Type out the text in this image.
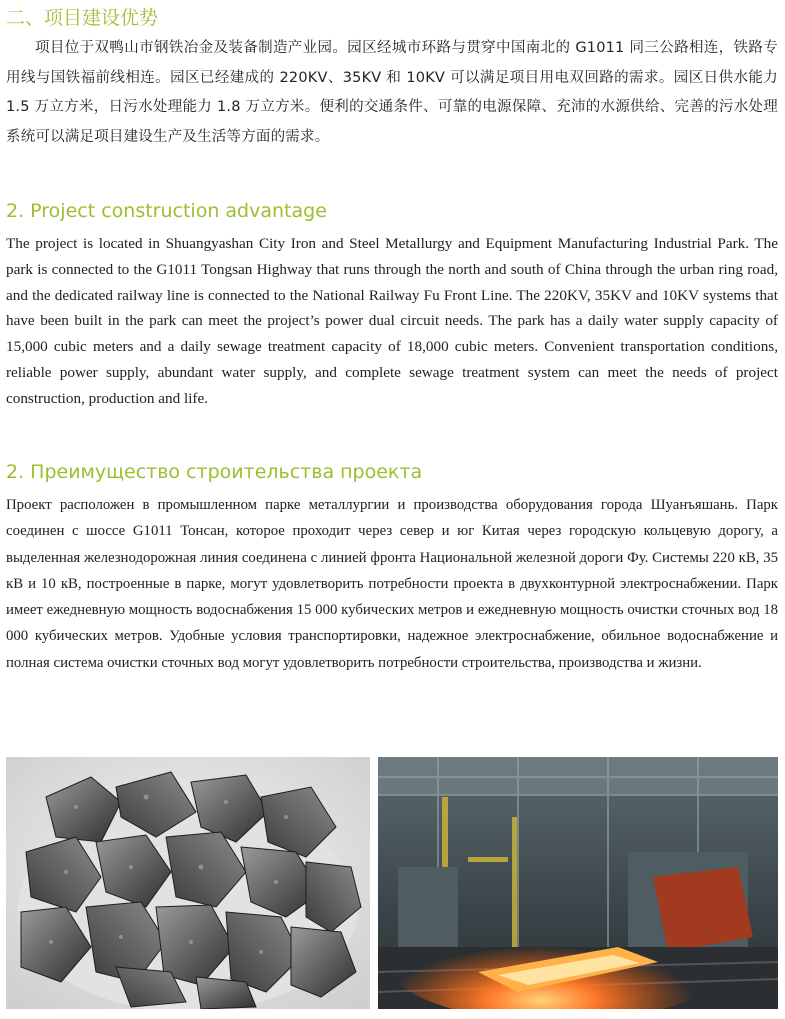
二、项目建设优势

项目位于双鸭山市钢铁冶金及装备制造产业园。园区经城市环路与贯穿中国南北的 G1011 同三公路相连，铁路专用线与国铁福前线相连。园区已经建成的 220KV、35KV 和 10KV 可以满足项目用电双回路的需求。园区日供水能力 1.5 万立方米，日污水处理能力 1.8 万立方米。便利的交通条件、可靠的电源保障、充沛的水源供给、完善的污水处理系统可以满足项目建设生产及生活等方面的需求。

2. Project construction advantage

The project is located in Shuangyashan City Iron and Steel Metallurgy and Equipment Manufacturing Industrial Park. The park is connected to the G1011 Tongsan Highway that runs through the north and south of China through the urban ring road, and the dedicated railway line is connected to the National Railway Fu Front Line. The 220KV, 35KV and 10KV systems that have been built in the park can meet the project’s power dual circuit needs. The park has a daily water supply capacity of 15,000 cubic meters and a daily sewage treatment capacity of 18,000 cubic meters. Convenient transportation conditions, reliable power supply, abundant water supply, and complete sewage treatment system can meet the needs of project construction, production and life.

2. Преимущество строительства проекта

Проект расположен в промышленном парке металлургии и производства оборудования города Шуанъяшань. Парк соединен с шоссе G1011 Тонсан, которое проходит через север и юг Китая через городскую кольцевую дорогу, а выделенная железнодорожная линия соединена с линией фронта Национальной железной дороги Фу. Системы 220 кВ, 35 кВ и 10 кВ, построенные в парке, могут удовлетворить потребности проекта в двухконтурной электроснабжении. Парк имеет ежедневную мощность водоснабжения 15 000 кубических метров и ежедневную мощность очистки сточных вод 18 000 кубических метров. Удобные условия транспортировки, надежное электроснабжение, обильное водоснабжение и полная система очистки сточных вод могут удовлетворить потребности строительства, производства и жизни.
